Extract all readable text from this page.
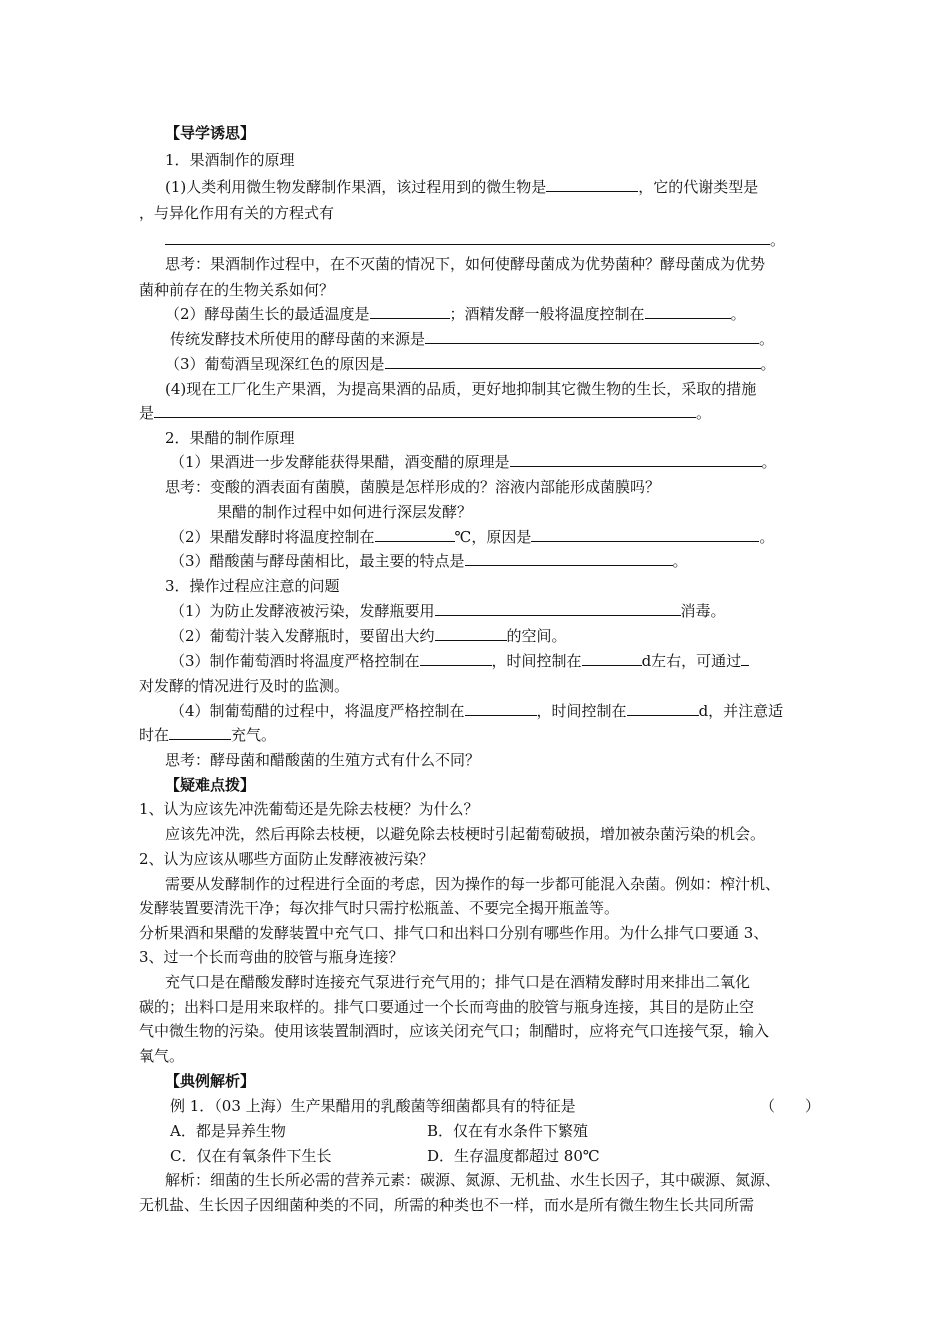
【导学诱思】
1．果酒制作的原理
(1)人类利用微生物发酵制作果酒，该过程用到的微生物是	，它的代谢类型是
，与异化作用有关的方程式有
。
思考：果酒制作过程中，在不灭菌的情况下，如何使酵母菌成为优势菌种？酵母菌成为优势
菌种前存在的生物关系如何？
（2）酵母菌生长的最适温度是	；酒精发酵一般将温度控制在	。
传统发酵技术所使用的酵母菌的来源是	。
（3）葡萄酒呈现深红色的原因是	。
(4)现在工厂化生产果酒，为提高果酒的品质，更好地抑制其它微生物的生长，采取的措施
是	。
2．果醋的制作原理
（1）果酒进一步发酵能获得果醋，酒变醋的原理是	。
思考：变酸的酒表面有菌膜，菌膜是怎样形成的？溶液内部能形成菌膜吗？
果醋的制作过程中如何进行深层发酵？
（2）果醋发酵时将温度控制在	℃，原因是	。
（3）醋酸菌与酵母菌相比，最主要的特点是	。
3．操作过程应注意的问题
（1）为防止发酵液被污染，发酵瓶要用	消毒。
（2）葡萄汁装入发酵瓶时，要留出大约	的空间。
（3）制作葡萄酒时将温度严格控制在	，时间控制在	d左右，可通过
对发酵的情况进行及时的监测。
（4）制葡萄醋的过程中，将温度严格控制在	，时间控制在	d，并注意适
时在	充气。
思考：酵母菌和醋酸菌的生殖方式有什么不同？
【疑难点拨】
1、认为应该先冲洗葡萄还是先除去枝梗？为什么？
应该先冲洗，然后再除去枝梗，以避免除去枝梗时引起葡萄破损，增加被杂菌污染的机会。
2、认为应该从哪些方面防止发酵液被污染？
需要从发酵制作的过程进行全面的考虑，因为操作的每一步都可能混入杂菌。例如：榨汁机、
发酵装置要清洗干净；每次排气时只需拧松瓶盖、不要完全揭开瓶盖等。
分析果酒和果醋的发酵装置中充气口、排气口和出料口分别有哪些作用。为什么排气口要通 3、
3、过一个长而弯曲的胶管与瓶身连接？
充气口是在醋酸发酵时连接充气泵进行充气用的；排气口是在酒精发酵时用来排出二氧化
碳的；出料口是用来取样的。排气口要通过一个长而弯曲的胶管与瓶身连接，其目的是防止空
气中微生物的污染。使用该装置制酒时，应该关闭充气口；制醋时，应将充气口连接气泵，输入
氧气。
【典例解析】
例 1．（03 上海）生产果醋用的乳酸菌等细菌都具有的特征是	（　　）
A．都是异养生物	B．仅在有水条件下繁殖
C．仅在有氧条件下生长	D．生存温度都超过 80℃
解析：细菌的生长所必需的营养元素：碳源、氮源、无机盐、水生长因子，其中碳源、氮源、
无机盐、生长因子因细菌种类的不同，所需的种类也不一样，而水是所有微生物生长共同所需
